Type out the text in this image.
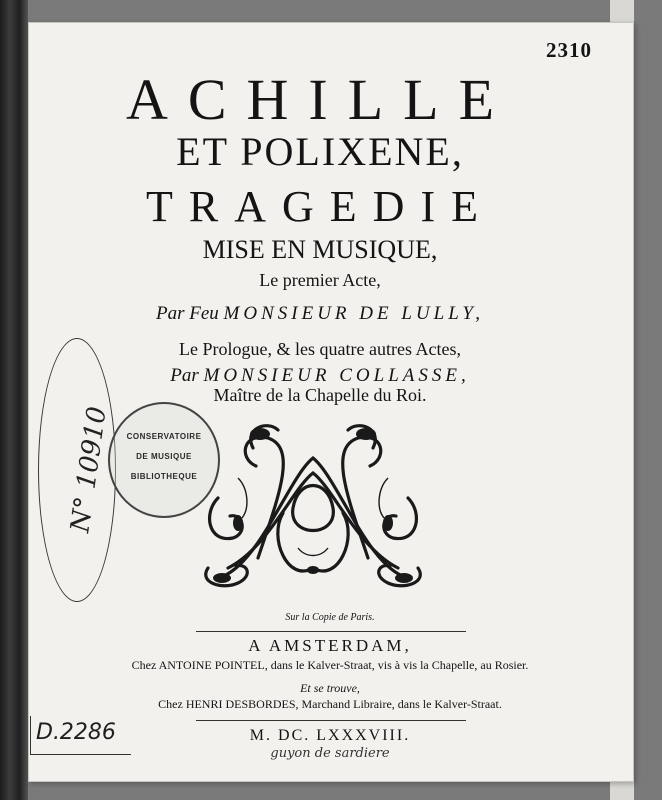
2310
ACHILLE
ET POLIXENE,
TRAGEDIE
MISE EN MUSIQUE,
Le premier Acte,
Par Feu MONSIEUR DE LULLY,
Le Prologue, & les quatre autres Actes,
Par MONSIEUR COLLASSE,
Maître de la Chapelle du Roi.
N° 10910	CONSERVATOIRE
DE MUSIQUE
BIBLIOTHEQUE
Sur la Copie de Paris.
A AMSTERDAM,
Chez ANTOINE POINTEL, dans le Kalver-Straat, vis à vis la Chapelle, au Rosier.
Et se trouve,
Chez HENRI DESBORDES, Marchand Libraire, dans le Kalver-Straat.
M. DC. LXXXVIII.
guyon de sardiere
D.2286
